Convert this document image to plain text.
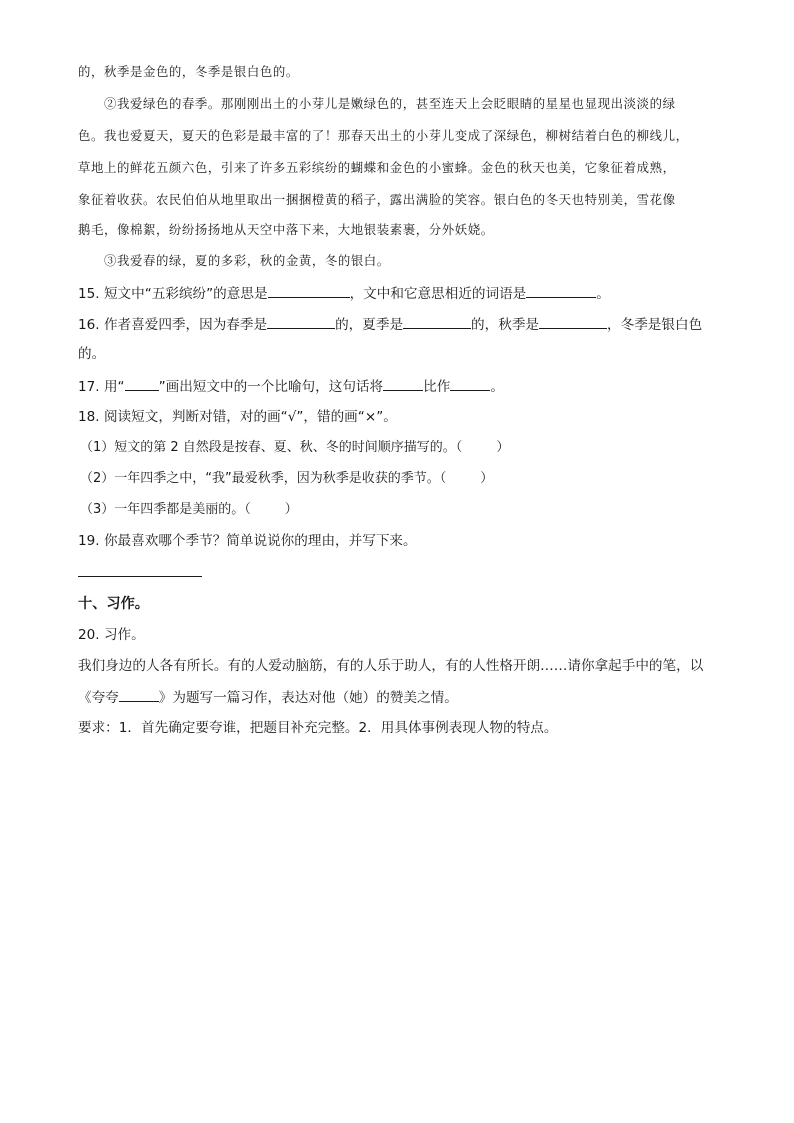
的，秋季是金色的，冬季是银白色的。
②我爱绿色的春季。那刚刚出土的小芽儿是嫩绿色的，甚至连天上会眨眼睛的星星也显现出淡淡的绿
色。我也爱夏天，夏天的色彩是最丰富的了！那春天出土的小芽儿变成了深绿色，柳树结着白色的柳线儿，
草地上的鲜花五颜六色，引来了许多五彩缤纷的蝴蝶和金色的小蜜蜂。金色的秋天也美，它象征着成熟，
象征着收获。农民伯伯从地里取出一捆捆橙黄的稻子，露出满脸的笑容。银白色的冬天也特别美，雪花像
鹅毛，像棉絮，纷纷扬扬地从天空中落下来，大地银装素裹，分外妖娆。
③我爱春的绿，夏的多彩，秋的金黄，冬的银白。
15. 短文中“五彩缤纷”的意思是	，文中和它意思相近的词语是	。
16. 作者喜爱四季，因为春季是	的，夏季是	的，秋季是	，冬季是银白色
的。
17. 用“	”画出短文中的一个比喻句，这句话将	比作	。
18. 阅读短文，判断对错，对的画“√”，错的画“×”。
（1）短文的第 2 自然段是按春、夏、秋、冬的时间顺序描写的。（	）
（2）一年四季之中，“我”最爱秋季，因为秋季是收获的季节。（	）
（3）一年四季都是美丽的。（	）
19. 你最喜欢哪个季节？简单说说你的理由，并写下来。
十、习作。
20. 习作。
我们身边的人各有所长。有的人爱动脑筋，有的人乐于助人，有的人性格开朗……请你拿起手中的笔，以
《夸夸	》为题写一篇习作，表达对他（她）的赞美之情。
要求：1．首先确定要夸谁，把题目补充完整。2．用具体事例表现人物的特点。
